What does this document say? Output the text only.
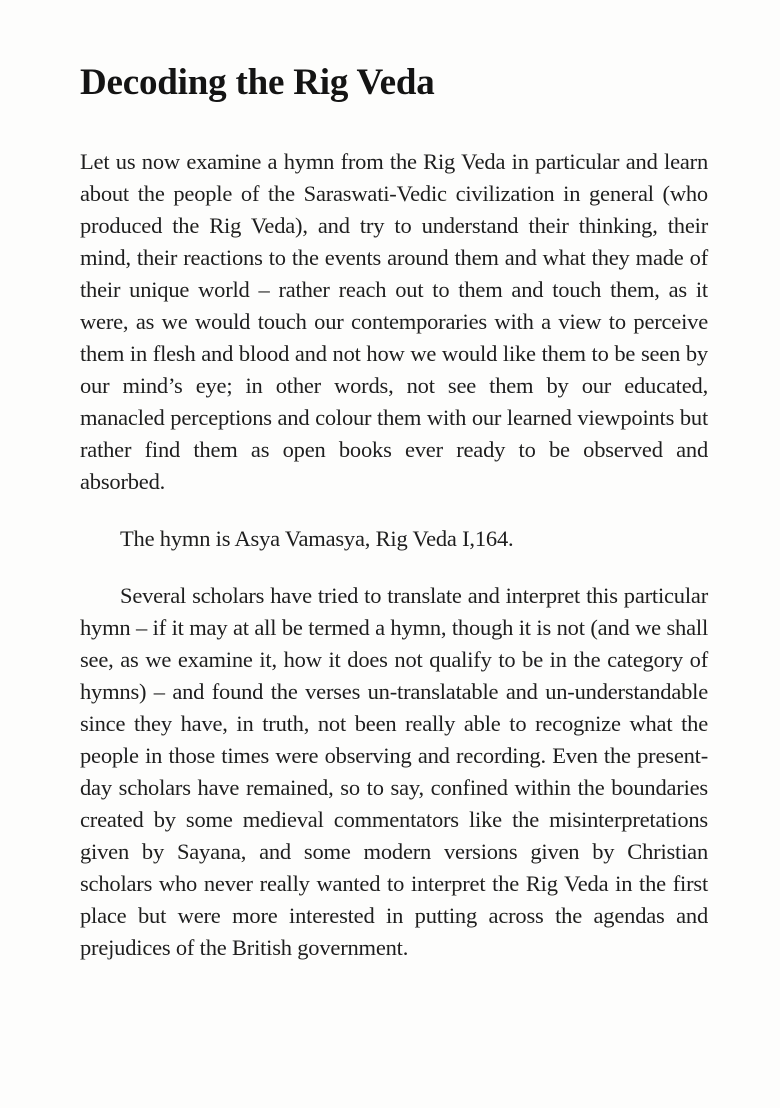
Decoding the Rig Veda

Let us now examine a hymn from the Rig Veda in particular and learn about the people of the Saraswati-Vedic civilization in general (who produced the Rig Veda), and try to understand their thinking, their mind, their reactions to the events around them and what they made of their unique world – rather reach out to them and touch them, as it were, as we would touch our contemporaries with a view to perceive them in flesh and blood and not how we would like them to be seen by our mind’s eye; in other words, not see them by our educated, manacled perceptions and colour them with our learned viewpoints but rather find them as open books ever ready to be observed and absorbed.

The hymn is Asya Vamasya, Rig Veda I,164.

Several scholars have tried to translate and interpret this particular hymn – if it may at all be termed a hymn, though it is not (and we shall see, as we examine it, how it does not qualify to be in the category of hymns) – and found the verses un-translatable and un-understandable since they have, in truth, not been really able to recognize what the people in those times were observing and recording. Even the present-day scholars have remained, so to say, confined within the boundaries created by some medieval commentators like the misinterpretations given by Sayana, and some modern versions given by Christian scholars who never really wanted to interpret the Rig Veda in the first place but were more interested in putting across the agendas and prejudices of the British government.
